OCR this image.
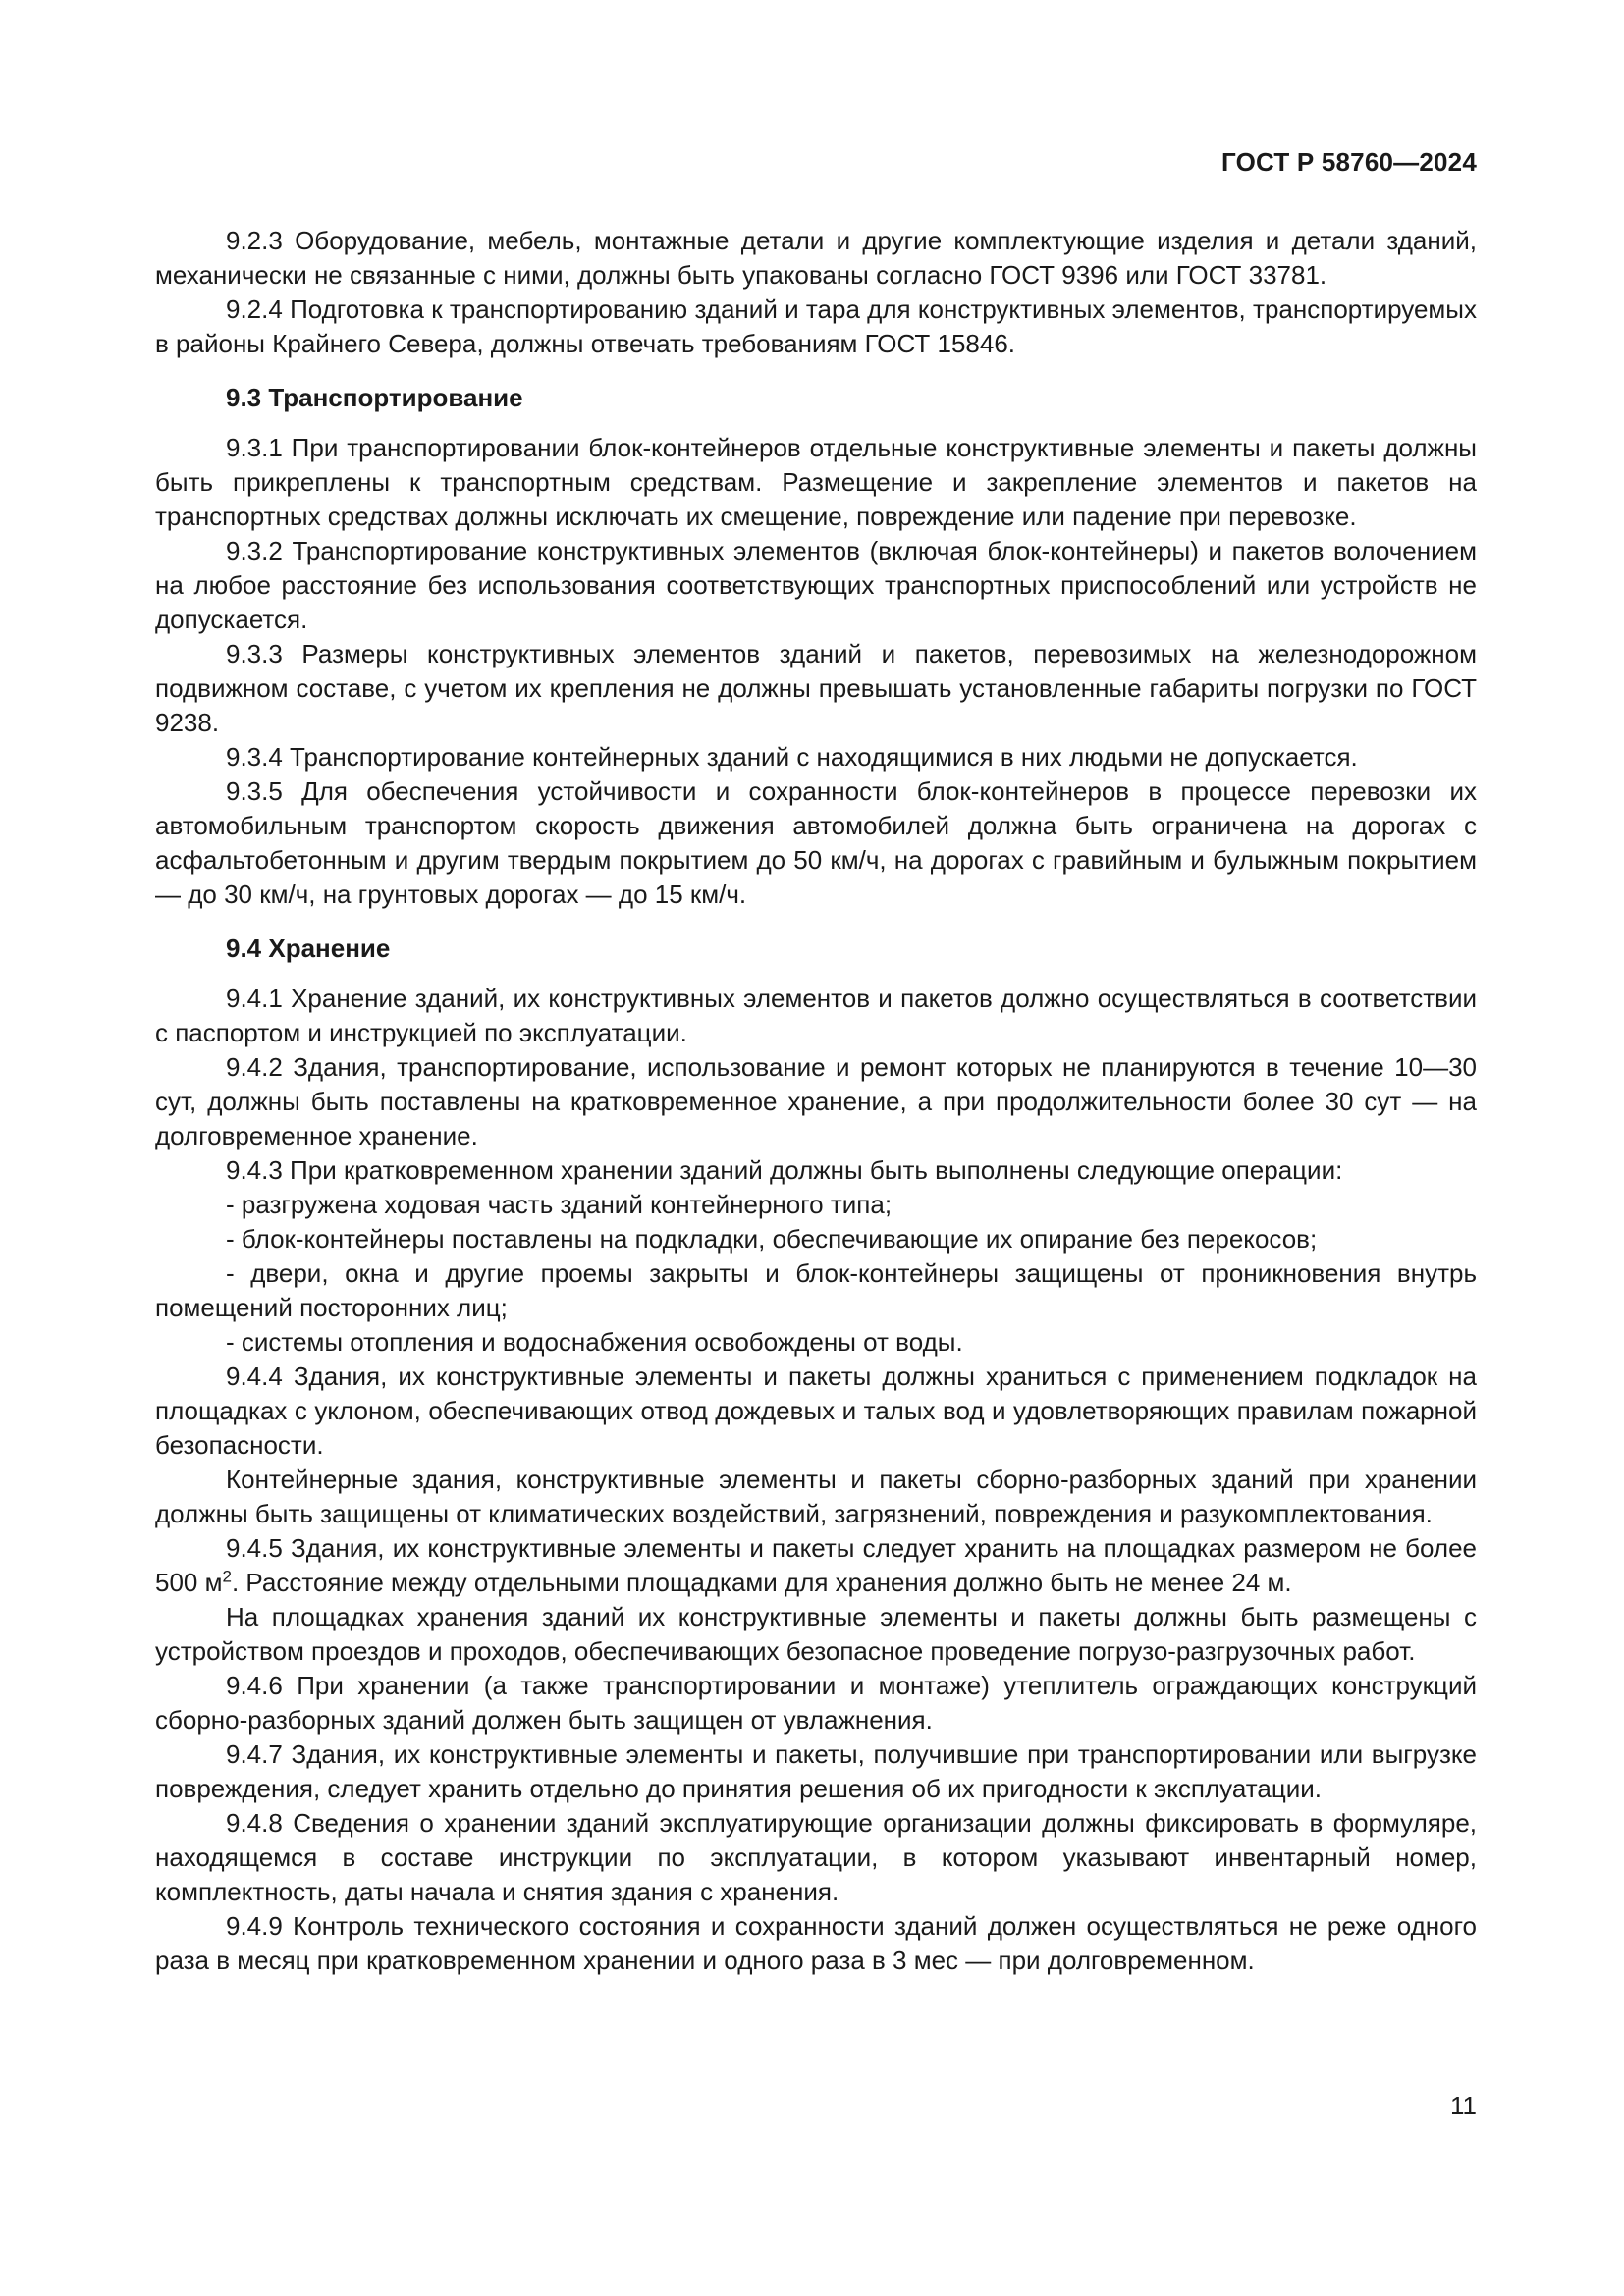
ГОСТ Р 58760—2024

9.2.3 Оборудование, мебель, монтажные детали и другие комплектующие изделия и детали зданий, механически не связанные с ними, должны быть упакованы согласно ГОСТ 9396 или ГОСТ 33781.

9.2.4 Подготовка к транспортированию зданий и тара для конструктивных элементов, транспортируемых в районы Крайнего Севера, должны отвечать требованиям ГОСТ 15846.

9.3 Транспортирование

9.3.1 При транспортировании блок-контейнеров отдельные конструктивные элементы и пакеты должны быть прикреплены к транспортным средствам. Размещение и закрепление элементов и пакетов на транспортных средствах должны исключать их смещение, повреждение или падение при перевозке.

9.3.2 Транспортирование конструктивных элементов (включая блок-контейнеры) и пакетов волочением на любое расстояние без использования соответствующих транспортных приспособлений или устройств не допускается.

9.3.3 Размеры конструктивных элементов зданий и пакетов, перевозимых на железнодорожном подвижном составе, с учетом их крепления не должны превышать установленные габариты погрузки по ГОСТ 9238.

9.3.4 Транспортирование контейнерных зданий с находящимися в них людьми не допускается.

9.3.5 Для обеспечения устойчивости и сохранности блок-контейнеров в процессе перевозки их автомобильным транспортом скорость движения автомобилей должна быть ограничена на дорогах с асфальтобетонным и другим твердым покрытием до 50 км/ч, на дорогах с гравийным и булыжным покрытием — до 30 км/ч, на грунтовых дорогах — до 15 км/ч.

9.4 Хранение

9.4.1 Хранение зданий, их конструктивных элементов и пакетов должно осуществляться в соответствии с паспортом и инструкцией по эксплуатации.

9.4.2 Здания, транспортирование, использование и ремонт которых не планируются в течение 10—30 сут, должны быть поставлены на кратковременное хранение, а при продолжительности более 30 сут — на долговременное хранение.

9.4.3 При кратковременном хранении зданий должны быть выполнены следующие операции:

- разгружена ходовая часть зданий контейнерного типа;

- блок-контейнеры поставлены на подкладки, обеспечивающие их опирание без перекосов;

- двери, окна и другие проемы закрыты и блок-контейнеры защищены от проникновения внутрь помещений посторонних лиц;

- системы отопления и водоснабжения освобождены от воды.

9.4.4 Здания, их конструктивные элементы и пакеты должны храниться с применением подкладок на площадках с уклоном, обеспечивающих отвод дождевых и талых вод и удовлетворяющих правилам пожарной безопасности.

Контейнерные здания, конструктивные элементы и пакеты сборно-разборных зданий при хранении должны быть защищены от климатических воздействий, загрязнений, повреждения и разукомплектования.

9.4.5 Здания, их конструктивные элементы и пакеты следует хранить на площадках размером не более 500 $м^2$. Расстояние между отдельными площадками для хранения должно быть не менее 24 м.

На площадках хранения зданий их конструктивные элементы и пакеты должны быть размещены с устройством проездов и проходов, обеспечивающих безопасное проведение погрузо-разгрузочных работ.

9.4.6 При хранении (а также транспортировании и монтаже) утеплитель ограждающих конструкций сборно-разборных зданий должен быть защищен от увлажнения.

9.4.7 Здания, их конструктивные элементы и пакеты, получившие при транспортировании или выгрузке повреждения, следует хранить отдельно до принятия решения об их пригодности к эксплуатации.

9.4.8 Сведения о хранении зданий эксплуатирующие организации должны фиксировать в формуляре, находящемся в составе инструкции по эксплуатации, в котором указывают инвентарный номер, комплектность, даты начала и снятия здания с хранения.

9.4.9 Контроль технического состояния и сохранности зданий должен осуществляться не реже одного раза в месяц при кратковременном хранении и одного раза в 3 мес — при долговременном.

11
